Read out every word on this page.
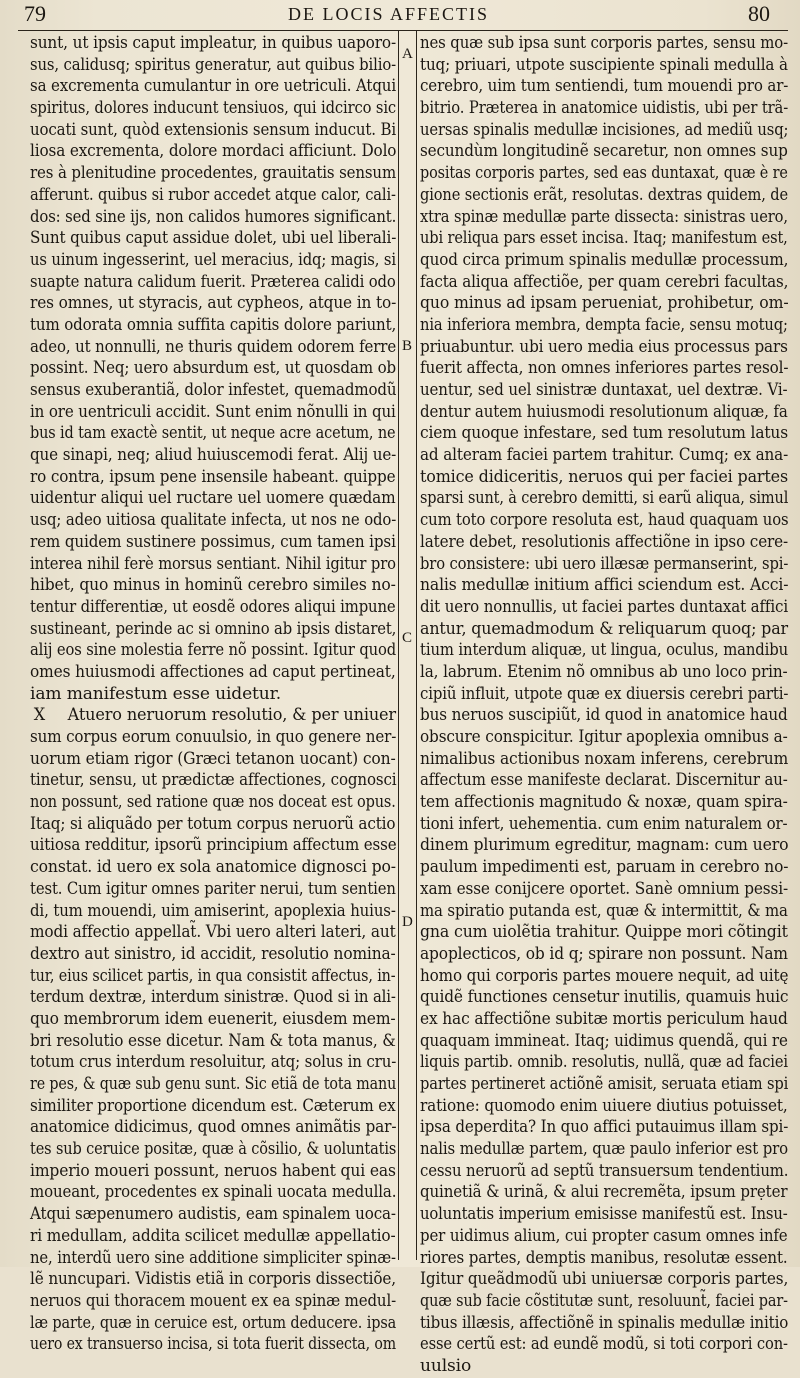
79	DE LOCIS AFFECTIS	80
A
B
C
D
sunt, ut ipsis caput impleatur, in quibus uaporo-
sus, calidusq; spiritus generatur, aut quibus bilio-
sa excrementa cumulantur in ore uetriculi. Atqui
spiritus, dolores inducunt tensiuos, qui idcirco sic
uocati sunt, quòd extensionis sensum inducut. Bi
liosa excrementa, dolore mordaci afficiunt. Dolo
res à plenitudine procedentes, grauitatis sensum
afferunt. quibus si rubor accedet atque calor, cali-
dos: sed sine ijs, non calidos humores significant.
Sunt quibus caput assidue dolet, ubi uel liberali-
us uinum ingesserint, uel meracius, idq; magis, si
suapte natura calidum fuerit. Præterea calidi odo
res omnes, ut styracis, aut cypheos, atque in to-
tum odorata omnia suffita capitis dolore pariunt,
adeo, ut nonnulli, ne thuris quidem odorem ferre
possint. Neq; uero absurdum est, ut quosdam ob
sensus exuberantiã, dolor infestet, quemadmodũ
in ore uentriculi accidit. Sunt enim nõnulli in qui
bus id tam exactè sentit, ut neque acre acetum, ne
que sinapi, neq; aliud huiuscemodi ferat. Alij ue-
ro contra, ipsum pene insensile habeant. quippe
uidentur aliqui uel ructare uel uomere quædam
usq; adeo uitiosa qualitate infecta, ut nos ne odo-
rem quidem sustinere possimus, cum tamen ipsi
interea nihil ferè morsus sentiant. Nihil igitur pro
hibet, quo minus in hominũ cerebro similes no-
tentur differentiæ, ut eosdẽ odores aliqui impune
sustineant, perinde ac si omnino ab ipsis distaret,
alij eos sine molestia ferre nõ possint. Igitur quod
omes huiusmodi affectiones ad caput pertineat,
iam manifestum esse uidetur.
X Atuero neruorum resolutio, & per uniuer
sum corpus eorum conuulsio, in quo genere ner-
uorum etiam rigor (Græci tetanon uocant) con-
tinetur, sensu, ut prædictæ affectiones, cognosci
non possunt, sed ratione quæ nos doceat est opus.
Itaq; si aliquãdo per totum corpus neruorũ actio
uitiosa redditur, ipsorũ principium affectum esse
constat. id uero ex sola anatomice dignosci po-
test. Cum igitur omnes pariter nerui, tum sentien
di, tum mouendi, uim amiserint, apoplexia huius-
modi affectio appellat̃. Vbi uero alteri lateri, aut
dextro aut sinistro, id accidit, resolutio nomina-
tur, eius scilicet partis, in qua consistit affectus, in-
terdum dextræ, interdum sinistræ. Quod si in ali-
quo membrorum idem euenerit, eiusdem mem-
bri resolutio esse dicetur. Nam & tota manus, &
totum crus interdum resoluitur, atq; solus in cru-
re pes, & quæ sub genu sunt. Sic etiã de tota manu
similiter proportione dicendum est. Cæterum ex
anatomice didicimus, quod omnes animãtis par-
tes sub ceruice positæ, quæ à cõsilio, & uoluntatis
imperio moueri possunt, neruos habent qui eas
moueant, procedentes ex spinali uocata medulla.
Atqui sæpenumero audistis, eam spinalem uoca-
ri medullam, addita scilicet medullæ appellatio-
ne, interdũ uero sine additione simpliciter spinæ-
lẽ nuncupari. Vidistis etiã in corporis dissectiõe,
neruos qui thoracem mouent ex ea spinæ medul-
læ parte, quæ in ceruice est, ortum deducere. ipsa
uero ex transuerso incisa, si tota fuerit dissecta, om
nes quæ sub ipsa sunt corporis partes, sensu mo-
tuq; priuari, utpote suscipiente spinali medulla à
cerebro, uim tum sentiendi, tum mouendi pro ar-
bitrio. Præterea in anatomice uidistis, ubi per trã-
uersas spinalis medullæ incisiones, ad mediũ usq;
secundùm longitudinẽ secaretur, non omnes sup
positas corporis partes, sed eas duntaxat, quæ è re
gione sectionis erãt, resolutas. dextras quidem, de
xtra spinæ medullæ parte dissecta: sinistras uero,
ubi reliqua pars esset incisa. Itaq; manifestum est,
quod circa primum spinalis medullæ processum,
facta aliqua affectiõe, per quam cerebri facultas,
quo minus ad ipsam perueniat, prohibetur, om-
nia inferiora membra, dempta facie, sensu motuq;
priuabuntur. ubi uero media eius processus pars
fuerit affecta, non omnes inferiores partes resol-
uentur, sed uel sinistræ duntaxat, uel dextræ. Vi-
dentur autem huiusmodi resolutionum aliquæ, fa
ciem quoque infestare, sed tum resolutum latus
ad alteram faciei partem trahitur. Cumq; ex ana-
tomice didiceritis, neruos qui per faciei partes
sparsi sunt, à cerebro demitti, si earũ aliqua, simul
cum toto corpore resoluta est, haud quaquam uos
latere debet, resolutionis affectiõne in ipso cere-
bro consistere: ubi uero illæsæ permanserint, spi-
nalis medullæ initium affici sciendum est. Acci-
dit uero nonnullis, ut faciei partes duntaxat affici
antur, quemadmodum & reliquarum quoq; par
tium interdum aliquæ, ut lingua, oculus, mandibu
la, labrum. Etenim nõ omnibus ab uno loco prin-
cipiũ influit, utpote quæ ex diuersis cerebri parti-
bus neruos suscipiũt, id quod in anatomice haud
obscure conspicitur. Igitur apoplexia omnibus a-
nimalibus actionibus noxam inferens, cerebrum
affectum esse manifeste declarat. Discernitur au-
tem affectionis magnitudo & noxæ, quam spira-
tioni infert, uehementia. cum enim naturalem or-
dinem plurimum egreditur, magnam: cum uero
paulum impedimenti est, paruam in cerebro no-
xam esse conijcere oportet. Sanè omnium pessi-
ma spiratio putanda est, quæ & intermittit, & ma
gna cum uiolẽtia trahitur. Quippe mori cõtingit
apoplecticos, ob id q; spirare non possunt. Nam
homo qui corporis partes mouere nequit, ad uitę
quidẽ functiones censetur inutilis, quamuis huic
ex hac affectiõne subitæ mortis periculum haud
quaquam immineat. Itaq; uidimus quendã, qui re
liquis partib. omnib. resolutis, nullã, quæ ad faciei
partes pertineret actiõnẽ amisit, seruata etiam spi
ratione: quomodo enim uiuere diutius potuisset,
ipsa deperdita? In quo affici putauimus illam spi-
nalis medullæ partem, quæ paulo inferior est pro
cessu neruorũ ad septũ transuersum tendentium.
quinetiã & urinã, & alui recremẽta, ipsum prẹter
uoluntatis imperium emisisse manifestũ est. Insu-
per uidimus alium, cui propter casum omnes infe
riores partes, demptis manibus, resolutæ essent.
Igitur queãdmodũ ubi uniuersæ corporis partes,
quæ sub facie cõstitutæ sunt, resoluunt̃, faciei par-
tibus illæsis, affectiõnẽ in spinalis medullæ initio
esse certũ est: ad eundẽ modũ, si toti corpori con-
uulsio
